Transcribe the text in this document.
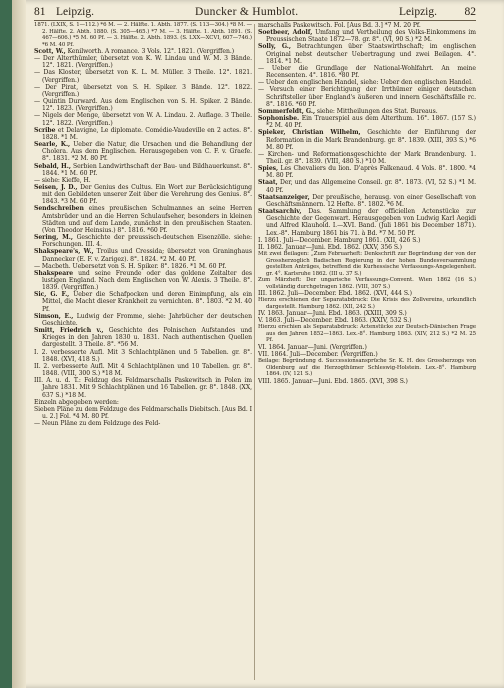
81 Leipzig.	Duncker & Humblot.	Leipzig. 82

1871. (LXIX, S. 1—112.) *6 M. — 2. Hälfte. 1. Abth. 1877. (S. 113—304.) *8 M. — 2. Hälfte. 2. Abth. 1880. (S. 305—465.) *7 M. — 3. Hälfte. 1. Abth. 1891. (S. 467—606.) *5 M. 60 Pf. — 3. Hälfte. 2. Abth. 1893. (S. LXX—XCVI, 607—746.) *6 M. 40 Pf.

Scott, W., Kenilworth. A romance. 3 Vols. 12°. 1821. (Vergriffen.)

— Der Alterthümler, übersetzt von K. W. Lindau und W. M. 3 Bände. 12°. 1821. (Vergriffen.)

— Das Kloster, übersetzt von K. L. M. Müller. 3 Theile. 12°. 1821. (Vergriffen.)

— Der Pirat, übersetzt von S. H. Spiker. 3 Bände. 12°. 1822. (Vergriffen.)

— Quintin Durward. Aus dem Englischen von S. H. Spiker. 2 Bände. 12°. 1823. (Vergriffen.)

— Nigels der Menge, übersetzt von W. A. Lindau. 2. Auflage. 3 Theile. 12°. 1822. (Vergriffen.)

Scribe et Delavigne, Le diplomate. Comédie-Vaudeville en 2 actes. 8°. 1828. *1 M.

Searle, K., Ueber die Natur, die Ursachen und die Behandlung der Cholera. Aus dem Englischen. Herausgegeben von C. F. v. Graefe. 8°. 1831. *2 M. 80 Pf.

Sebald, H., Serbien Landwirthschaft der Bau- und Bildhauerkunst. 8°. 1844. *1 M. 60 Pf.

— siehe: Kieffe, H.

Seisen, J. D., Der Genius des Cultus. Ein Wort zur Berücksichtigung mit den Gebildeten unserer Zeit über die Verehrung des Genius. 8°. 1843. *3 M. 60 Pf.

Sendschreiben eines preußischen Schulmannes an seine Herren Amtsbrüder und an die Herren Schulaufseher, besonders in kleinen Städten und auf dem Lande, zunächst in den preußischen Staaten. (Von Theodor Heinsius.) 8°. 1816. *60 Pf.

Sering, M., Geschichte der preussisch-deutschen Eisenzölle. siehe: Forschungen. III. 4.

Shakspeare's, W., Troilus und Cressida; übersetzt von Graninghaus Dannecker (E. F. v. Zarigez). 8°. 1824. *2 M. 40 Pf.

— Macbeth. Uebersetzt von S. H. Spiker. 8°. 1826. *1 M. 60 Pf.

Shakspeare und seine Freunde oder das goldene Zeitalter des lustigen England. Nach dem Englischen von W. Alexis. 3 Theile. 8°. 1839. (Vergriffen.)

Sic, G. F., Ueber die Schafpocken und deren Einimpfung, als ein Mittel, die Macht dieser Krankheit zu vernichten. 8°. 1803. *2 M. 40 Pf.

Simson, E., Ludwig der Fromme, siehe: Jahrbücher der deutschen Geschichte.

Smitt, Friedrich v., Geschichte des Polnischen Aufstandes und Krieges in den Jahren 1830 u. 1831. Nach authentischen Quellen dargestellt. 3 Theile. 8°. *56 M.

I. 2. verbesserte Aufl. Mit 3 Schlachtplänen und 5 Tabellen. gr. 8°. 1848. (XVI, 418 S.)

II. 2. verbesserte Aufl. Mit 4 Schlachtplänen und 10 Tabellen. gr. 8°. 1848. (VIII, 300 S.) *18 M.

III. A. u. d. T.: Feldzug des Feldmarschalls Paskewitsch in Polen im Jahre 1831. Mit 9 Schlachtplänen und 16 Tabellen. gr. 8°. 1848. (XX, 637 S.) *18 M.

Einzeln abgegeben werden:

Sieben Pläne zu dem Feldzuge des Feldmarschalls Diebitsch. [Aus Bd. I u. 2.] Fol. *4 M. 80 Pf.

— Neun Pläne zu dem Feldzuge des Feld-

marschalls Paskewitsch. Fol. [Aus Bd. 3.] *7 M. 20 Pf.

Soetbeer, Adolf, Umfang und Vertheilung des Volks-Einkommens im Preussischen Staate 1872—78. gr. 8°. (VI, 90 S.) *2 M.

Solly, G., Betrachtungen über Staatswirthschaft; im englischen Original nebst deutscher Uebertragung und zwei Beilagen. 4°. 1814. *1 M.

— Ueber die Grundlage der National-Wohlfahrt. An meine Recensenten. 4°. 1816. *80 Pf.

— Ueber den englischen Handel, siehe: Ueber den englischen Handel.

— Versuch einer Berichtigung der Irrthümer einiger deutschen Schriftsteller über England's äußeren und innern Geschäftsfälle rc. 8°. 1816. *60 Pf.

Sommerfeldt, G., siehe: Mittheilungen des Stat. Bureaus.

Sophonisbe. Ein Trauerspiel aus dem Alterthum. 16°. 1867. (157 S.) *2 M. 40 Pf.

Spieker, Christian Wilhelm, Geschichte der Einführung der Reformation in die Mark Brandenburg. gr. 8°. 1839. (XIII, 393 S.) *6 M. 80 Pf.

— Kirchen- und Reformationsgeschichte der Mark Brandenburg. 1. Theil. gr. 8°. 1839. (VIII, 480 S.) *10 M.

Spies, Les Chevaliers du lion. D'après Falkenaud. 4 Vols. 8°. 1800. *4 M. 80 Pf.

Staat, Der, und das Allgemeine Conseil. gr. 8°. 1873. (VI, 52 S.) *1 M. 40 Pf.

Staatsanzeiger, Der preußische, herausg. von einer Gesellschaft von Geschäftsmännern. 12 Hefte. 8°. 1802. *6 M.

Staatsarchiv, Das. Sammlung der officiellen Actenstücke zur Geschichte der Gegenwart. Herausgegeben von Ludwig Karl Aegidi und Alfred Klauhold. I.—XVI. Band. (Juli 1861 bis December 1871). Lex.-8°. Hamburg 1861 bis 71. à Bd. *7 M. 50 Pf.

I. 1861. Juli—December. Hamburg 1861. (XII, 426 S.)

II. 1862. Januar—Juni. Ebd. 1862. (XXV, 356 S.)

Mit zwei Beilagen: „Zum Februarheft: Denkschrift zur Begründung der von der Grossherzoglich Badischen Regierung in der hohen Bundesversammlung gestellten Anträges, betreffend die Kurhessische Verfassungs-Angelegenheit. gr. 4°. Karlsruhe 1862. (III u. 37 S.)

Zum Märzheft: Der ungarische Verfassungs-Convent. Wien 1862 (16 S.) vollständig durchgetragen 1862. (VIII, 307 S.)

III. 1862. Juli—December. Ebd. 1862. (XVI, 444 S.)

Hierzu erschienen der Separatabdruck: Die Krisis des Zollvereins, urkundlich dargestellt. Hamburg 1862. (XII, 242 S.)

IV. 1863. Januar—Juni. Ebd. 1863. (XXIII, 309 S.)

V. 1863. Juli—December. Ebd. 1863. (XXIV, 532 S.)

Hierzu erschien als Separatabdruck: Actenstücke zur Deutsch-Dänischen Frage aus den Jahren 1852—1863. Lex.-8°. Hamburg 1863. (XIV, 212 S.) *2 M. 25 Pf.

VI. 1864. Januar—Juni. (Vergriffen.)

VII. 1864. Juli—December. (Vergriffen.)

Beilage: Begründung d. Successionsansprüche Sr. K. H. des Grossherzogs von Oldenburg auf die Herzogthümer Schleswig-Holstein. Lex.-8°. Hamburg 1864. (IV, 121 S.)

VIII. 1865. Januar—Juni. Ebd. 1865. (XVI, 398 S.)
